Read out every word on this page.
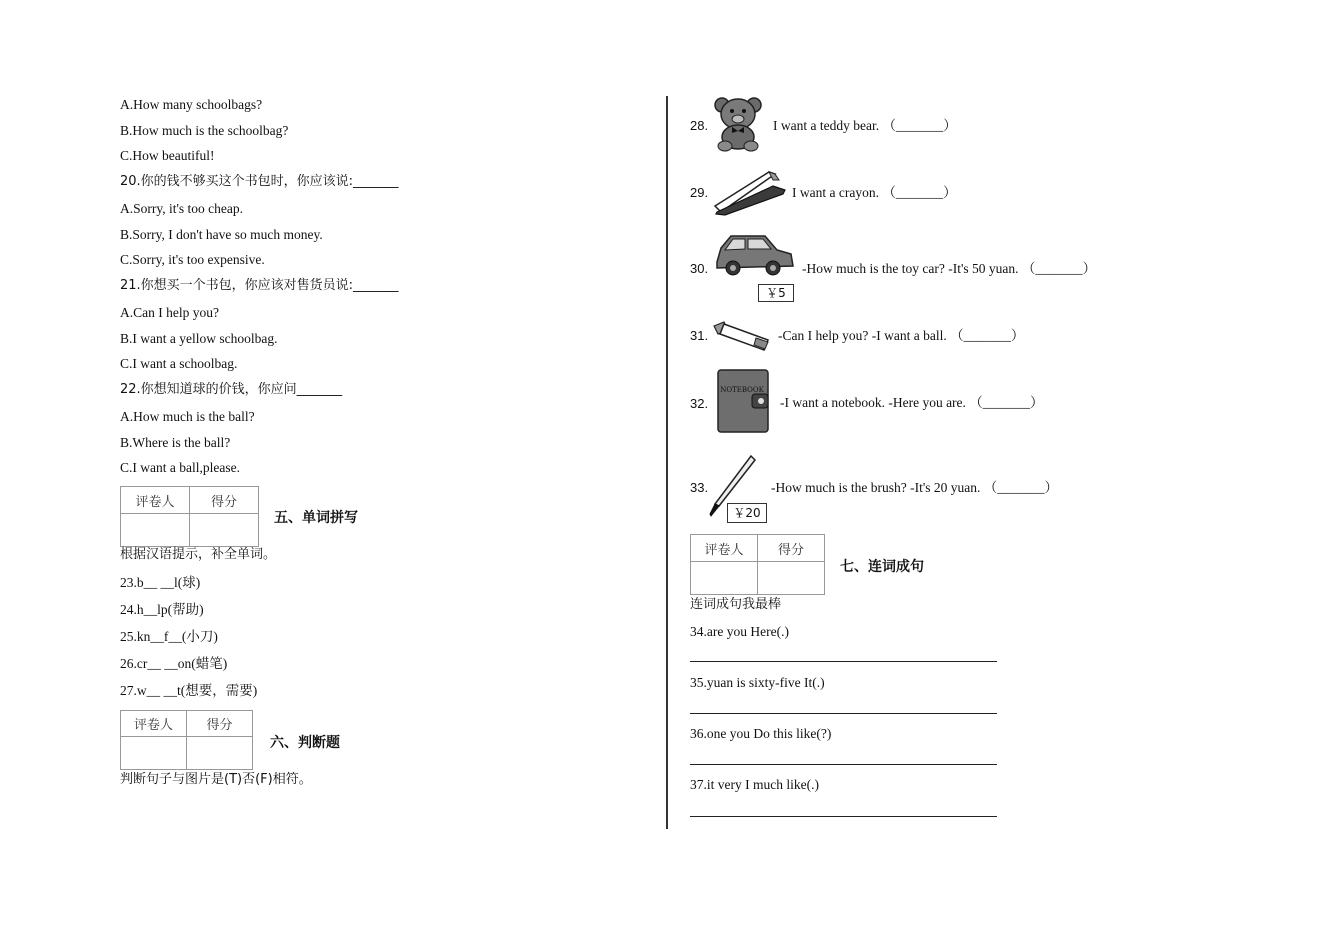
A.How many schoolbags?
B.How much is the schoolbag?
C.How beautiful!
20.你的钱不够买这个书包时，你应该说:_______
A.Sorry, it's too cheap.
B.Sorry, I don't have so much money.
C.Sorry, it's too expensive.
21.你想买一个书包，你应该对售货员说:_______
A.Can I help you?
B.I want a yellow schoolbag.
C.I want a schoolbag.
22.你想知道球的价钱，你应问_______
A.How much is the ball?
B.Where is the ball?
C.I want a ball,please.
评卷人	得分

五、单词拼写
根据汉语提示，补全单词。
23.b__ __l(球)
24.h__lp(帮助)
25.kn__f__(小刀)
26.cr__ __on(蜡笔)
27.w__ __t(想要，需要)
评卷人	得分

六、判断题
判断句子与图片是(T)否(F)相符。
28.	I want a teddy bear. （_______）
29.	I want a crayon. （_______）
30.
￥5
-How much is the toy car? -It's 50 yuan. （_______）
31.	-Can I help you? -I want a ball. （_______）
32.
NOTEBOOK
-I want a notebook. -Here you are. （_______）
33.
￥20
-How much is the brush? -It's 20 yuan. （_______）
评卷人	得分

七、连词成句
连词成句我最棒
34.are you Here(.)
35.yuan is sixty-five It(.)
36.one you Do this like(?)
37.it very I much like(.)
